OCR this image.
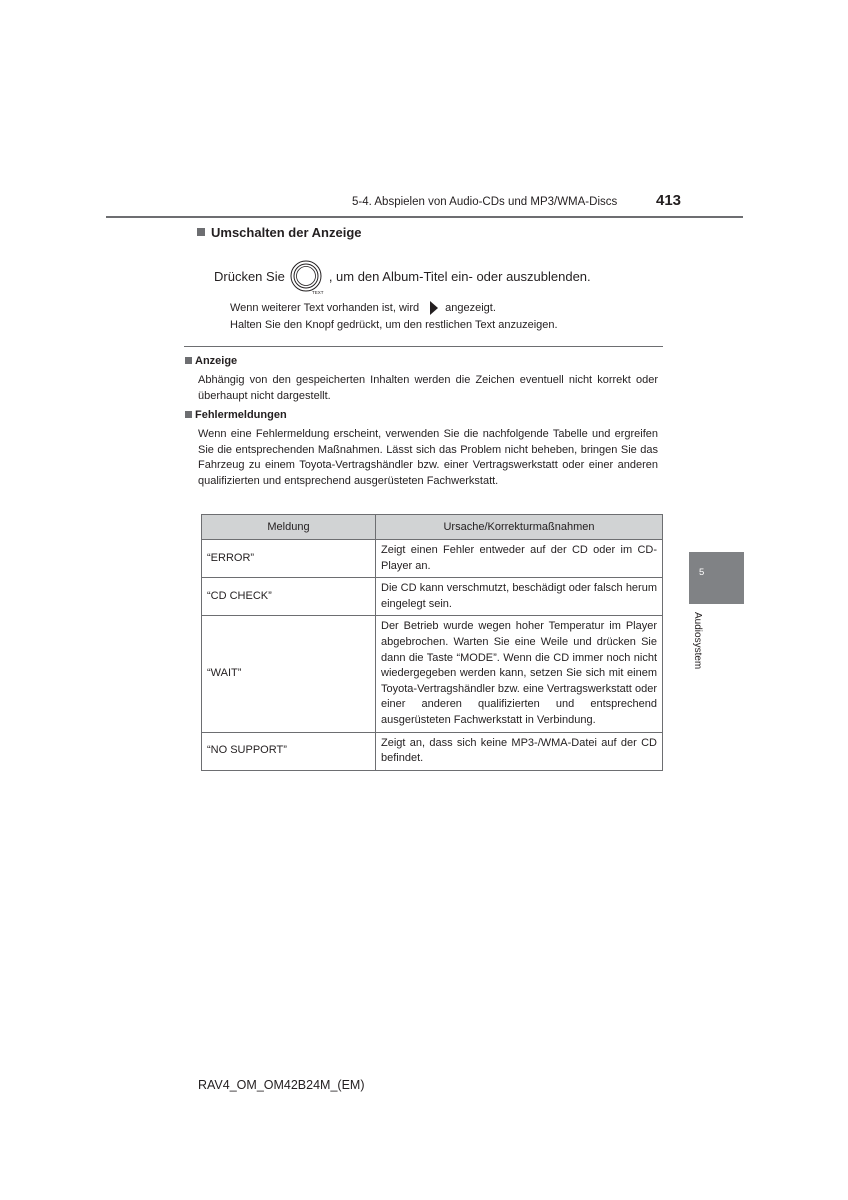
5-4. Abspielen von Audio-CDs und MP3/WMA-Discs	413
Umschalten der Anzeige
Drücken Sie
TEXT
, um den Album-Titel ein- oder auszublenden.
Wenn weiterer Text vorhanden ist, wird angezeigt.
Halten Sie den Knopf gedrückt, um den restlichen Text anzuzeigen.
Anzeige
Abhängig von den gespeicherten Inhalten werden die Zeichen eventuell nicht korrekt oder überhaupt nicht dargestellt.
Fehlermeldungen
Wenn eine Fehlermeldung erscheint, verwenden Sie die nachfolgende Tabelle und ergreifen Sie die entsprechenden Maßnahmen. Lässt sich das Problem nicht beheben, bringen Sie das Fahrzeug zu einem Toyota-Vertragshändler bzw. einer Vertragswerkstatt oder einer anderen qualifizierten und entsprechend ausgerüsteten Fachwerkstatt.
Meldung	Ursache/Korrekturmaßnahmen
“ERROR”	Zeigt einen Fehler entweder auf der CD oder im CD-Player an.
“CD CHECK”	Die CD kann verschmutzt, beschädigt oder falsch herum eingelegt sein.
“WAIT”	Der Betrieb wurde wegen hoher Temperatur im Player abgebrochen. Warten Sie eine Weile und drücken Sie dann die Taste “MODE”. Wenn die CD immer noch nicht wiedergegeben werden kann, setzen Sie sich mit einem Toyota-Vertragshändler bzw. eine Vertragswerkstatt oder einer anderen qualifizierten und entsprechend ausgerüsteten Fachwerkstatt in Verbindung.
“NO SUPPORT”	Zeigt an, dass sich keine MP3-/WMA-Datei auf der CD befindet.
5
Audiosystem
RAV4_OM_OM42B24M_(EM)
